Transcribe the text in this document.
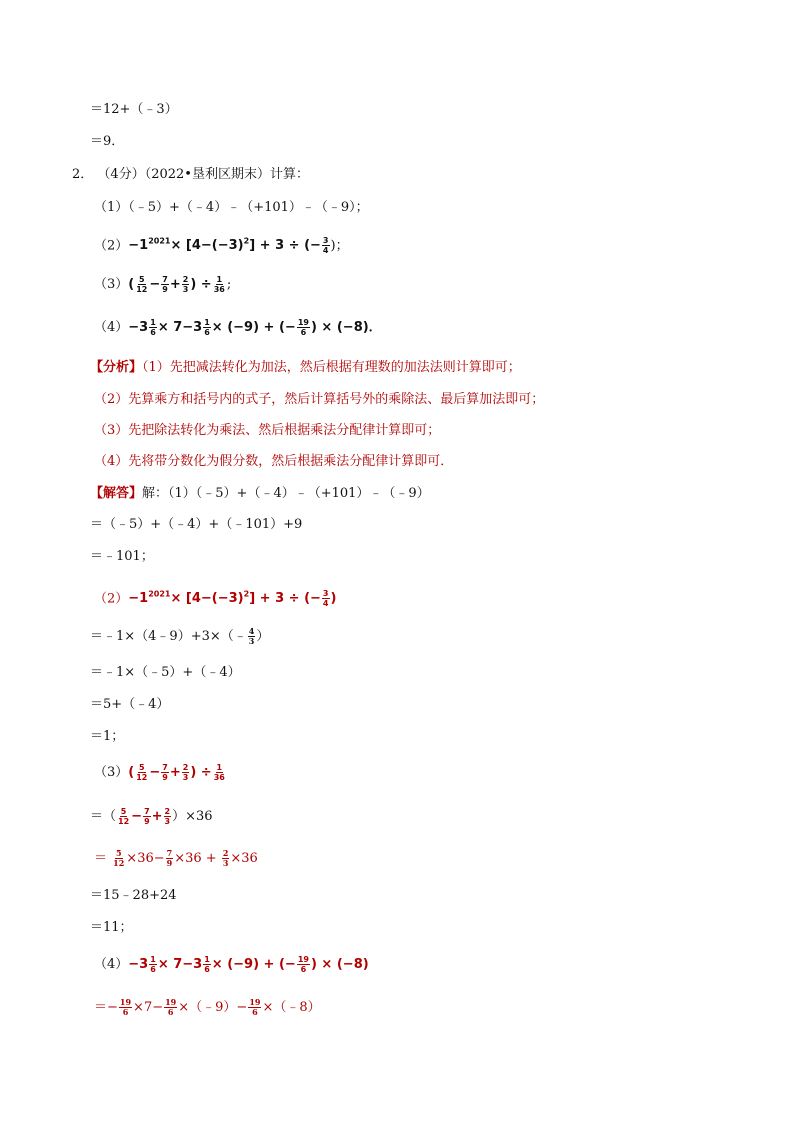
＝12+（﹣3）
＝9．
2． （4分）（2022•垦利区期末）计算：
（1）（﹣5）+（﹣4）﹣（+101）﹣（﹣9）；
$(2)-1^{2021}\times [4-(-3)^2] + 3$ ÷ (− $\frac{3}{4}$ )；
$(3)( \frac{5}{12} - \frac{7}{9} + \frac{2}{3}$ ) ÷ $\frac{1}{36}$ ;
$(4)-3 \frac{1}{6} \times 7-3 \frac{1}{6} \times (-9)$ + (− $\frac{19}{6}$ ) × (−8)．
【分析】（1）先把减法转化为加法，然后根据有理数的加法法则计算即可；
（2）先算乘方和括号内的式子，然后计算括号外的乘除法、最后算加法即可；
（3）先把除法转化为乘法、然后根据乘法分配律计算即可；
（4）先将带分数化为假分数，然后根据乘法分配律计算即可．
【解答】解：（1）（﹣5）+（﹣4）﹣（+101）﹣（﹣9）
＝（﹣5）+（﹣4）+（﹣101）+9
＝﹣101；
$(2)-1^{2021}\times [4-(-3)^2] + 3$ ÷ (− $\frac{3}{4}$ )
＝﹣1×（4﹣9）+3×（﹣ $\frac{4}{3}$ ）
＝﹣1×（﹣5）+（﹣4）
＝5+（﹣4）
＝1；
$(3)( \frac{5}{12} - \frac{7}{9} + \frac{2}{3}$ ) ÷ $\frac{1}{36}$
＝（ $\frac{5}{12} - \frac{7}{9} + \frac{2}{3} )\times 36$
＝ $\frac{5}{12} \times 36- \frac{7}{9} \times 36 + \frac{2}{3} \times 36$
＝15﹣28+24
＝11；
$(4)-3 \frac{1}{6} \times 7-3 \frac{1}{6} \times (-9)$ + (− $\frac{19}{6}$ ) × (−8)
＝− $\frac{19}{6} \times 7- \frac{19}{6}$ ×（﹣9）− $\frac{19}{6}$ ×（﹣8）
